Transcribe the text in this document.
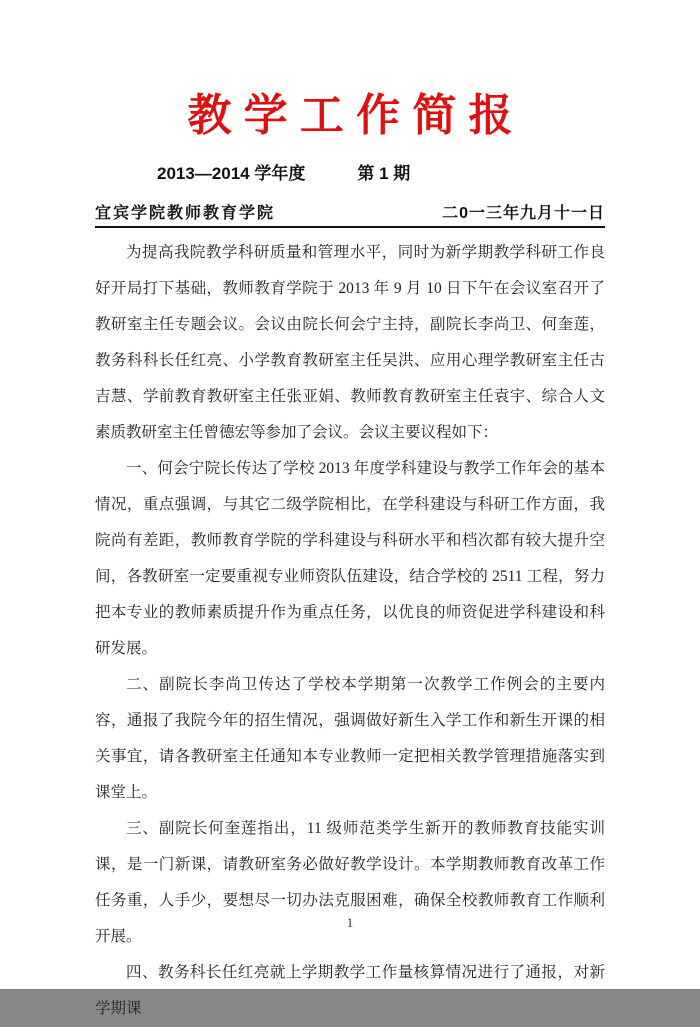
教 学 工 作 简 报
2013—2014 学年度	第 1 期
宜宾学院教师教育学院	二0一三年九月十一日

为提高我院教学科研质量和管理水平，同时为新学期教学科研工作良好开局打下基础，教师教育学院于 2013 年 9 月 10 日下午在会议室召开了教研室主任专题会议。会议由院长何会宁主持，副院长李尚卫、何奎莲，教务科科长任红亮、小学教育教研室主任吴洪、应用心理学教研室主任古吉慧、学前教育教研室主任张亚娟、教师教育教研室主任袁宇、综合人文素质教研室主任曾德宏等参加了会议。会议主要议程如下：

一、何会宁院长传达了学校 2013 年度学科建设与教学工作年会的基本情况，重点强调，与其它二级学院相比，在学科建设与科研工作方面，我院尚有差距，教师教育学院的学科建设与科研水平和档次都有较大提升空间，各教研室一定要重视专业师资队伍建设，结合学校的 2511 工程，努力把本专业的教师素质提升作为重点任务，以优良的师资促进学科建设和科研发展。

二、副院长李尚卫传达了学校本学期第一次教学工作例会的主要内容，通报了我院今年的招生情况，强调做好新生入学工作和新生开课的相关事宜，请各教研室主任通知本专业教师一定把相关教学管理措施落实到课堂上。

三、副院长何奎莲指出，11 级师范类学生新开的教师教育技能实训课，是一门新课，请教研室务必做好教学设计。本学期教师教育改革工作任务重，人手少，要想尽一切办法克服困难，确保全校教师教育工作顺利开展。

四、教务科长任红亮就上学期教学工作量核算情况进行了通报，对新学期课

1
